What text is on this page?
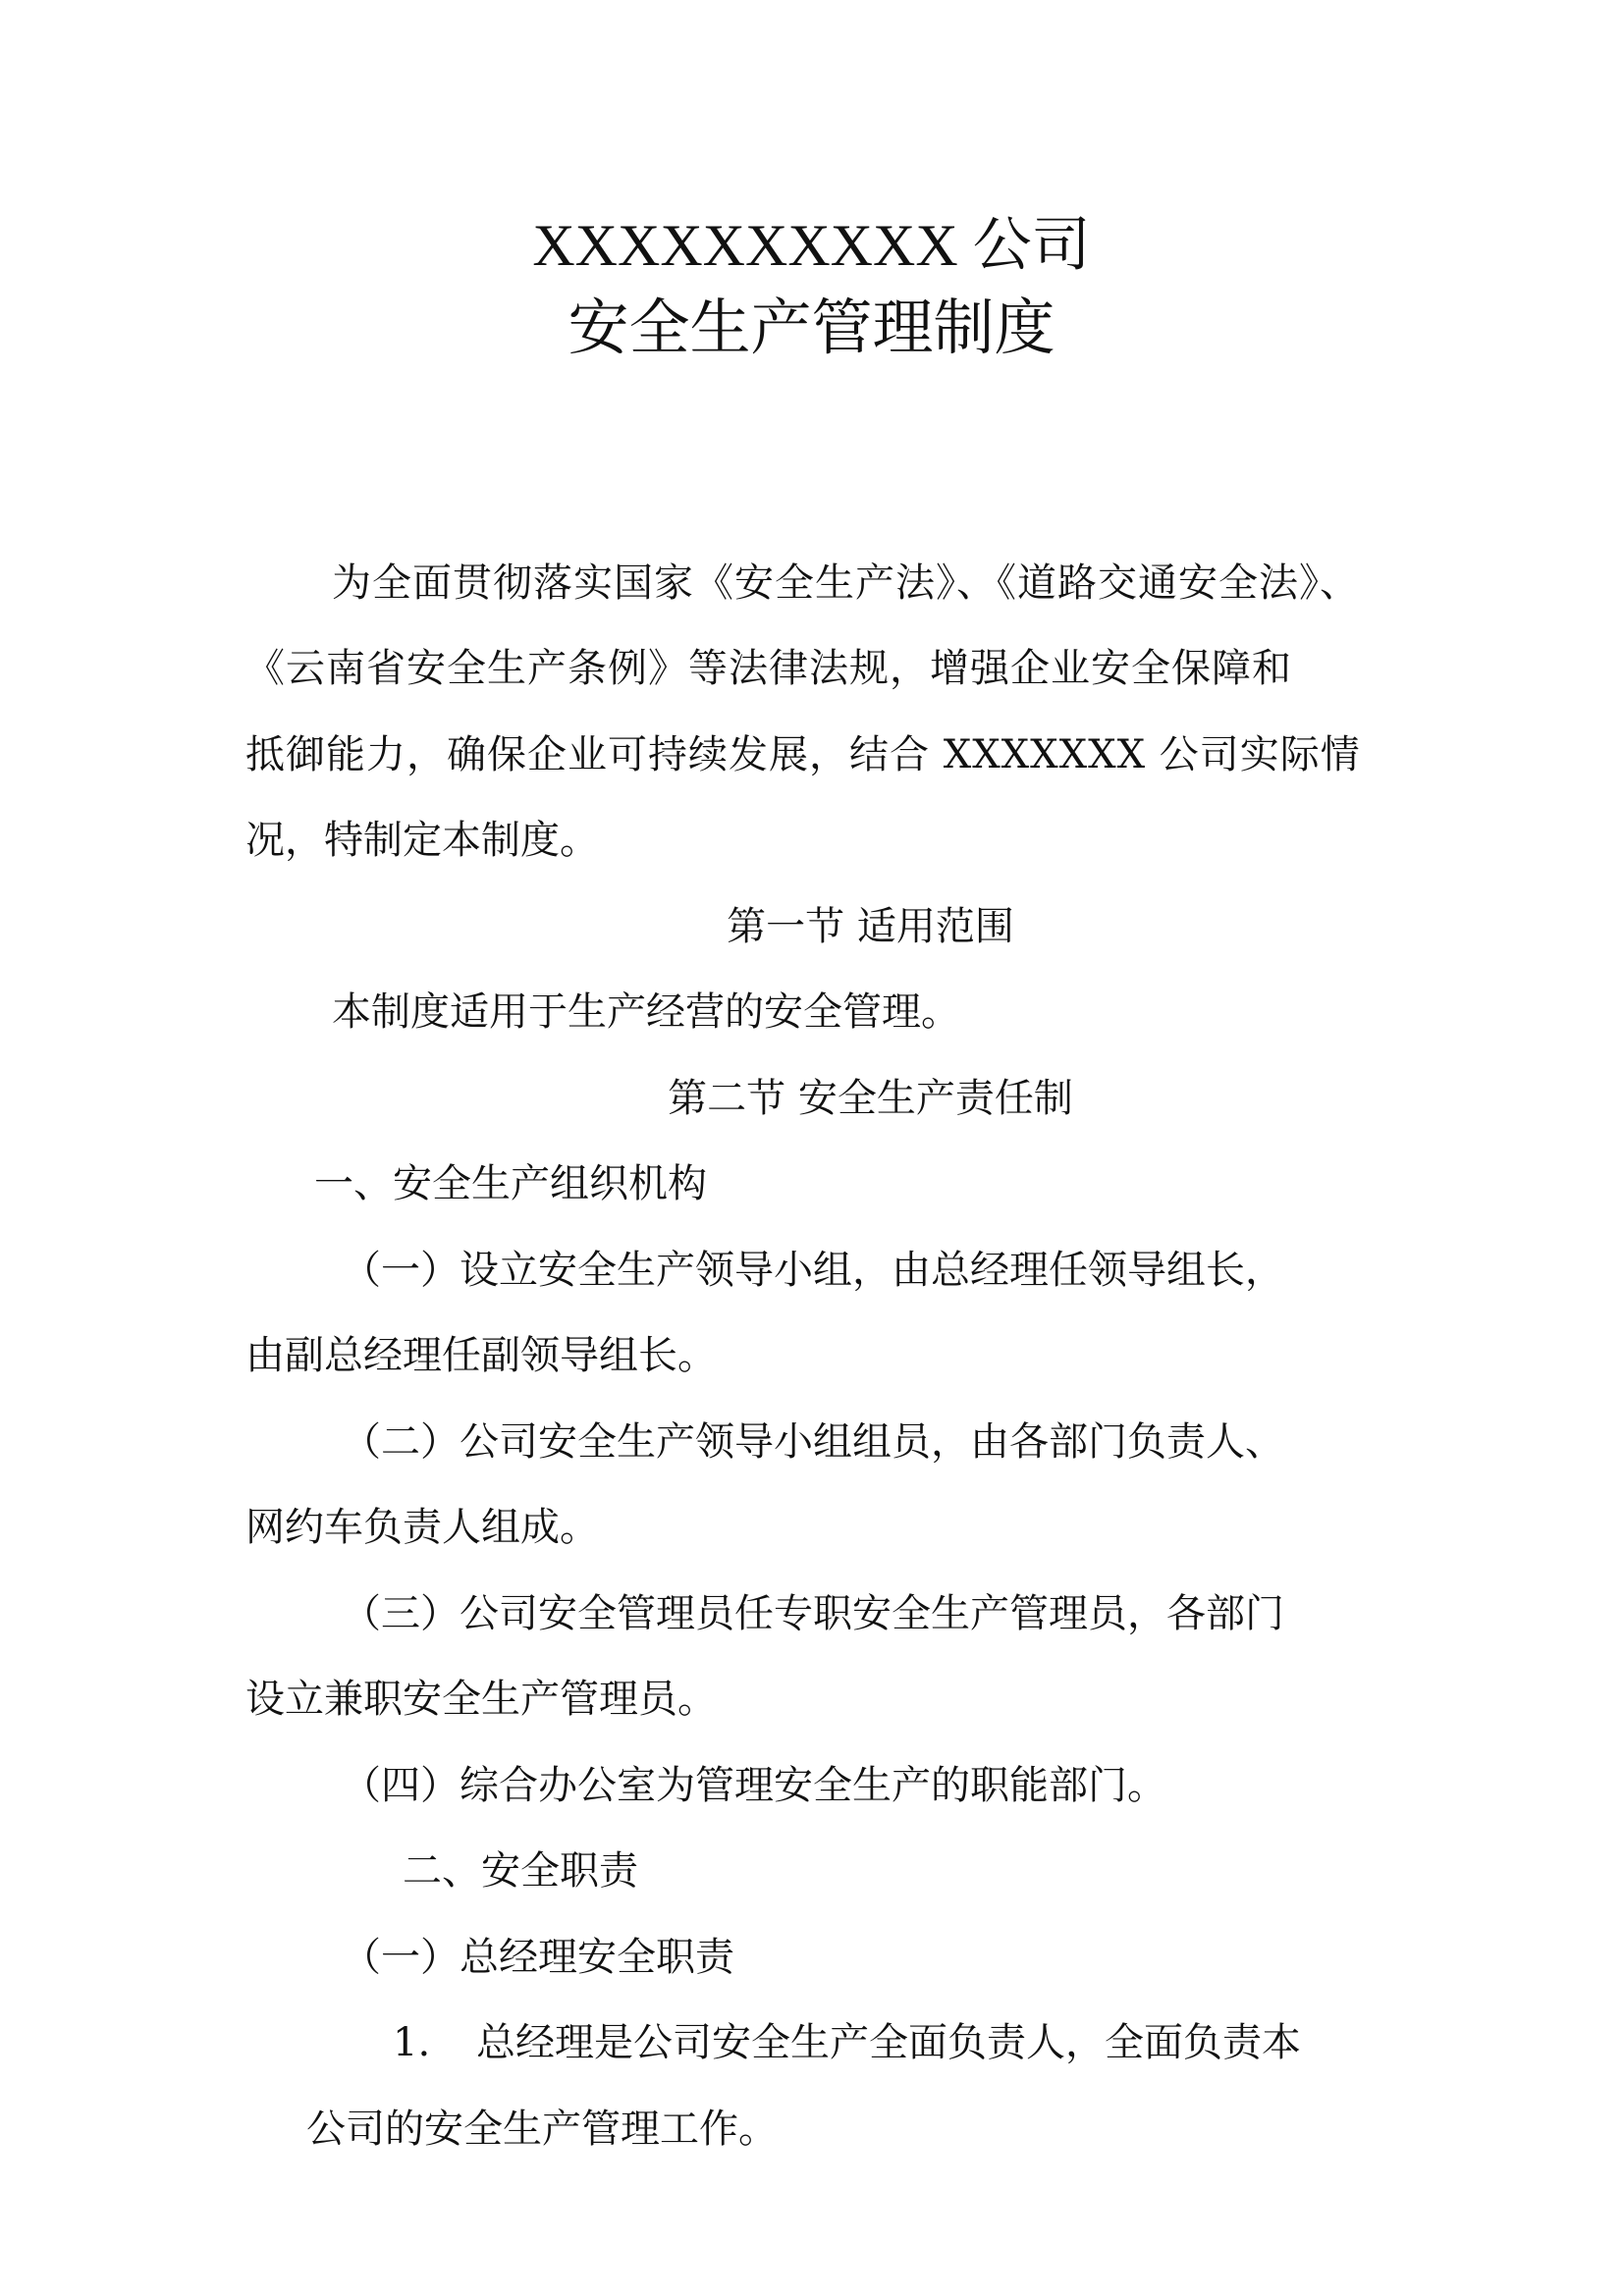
XXXXXXXXXX 公司
安全生产管理制度
为全面贯彻落实国家《安全生产法》、《道路交通安全法》、
《云南省安全生产条例》等法律法规，增强企业安全保障和
抵御能力，确保企业可持续发展，结合 XXXXXXX 公司实际情
况，特制定本制度。
第一节 适用范围
本制度适用于生产经营的安全管理。
第二节 安全生产责任制
一、安全生产组织机构
（一）设立安全生产领导小组，由总经理任领导组长，
由副总经理任副领导组长。
（二）公司安全生产领导小组组员，由各部门负责人、
网约车负责人组成。
（三）公司安全管理员任专职安全生产管理员，各部门
设立兼职安全生产管理员。
（四）综合办公室为管理安全生产的职能部门。
二、安全职责
（一）总经理安全职责
1. 总经理是公司安全生产全面负责人，全面负责本
公司的安全生产管理工作。
